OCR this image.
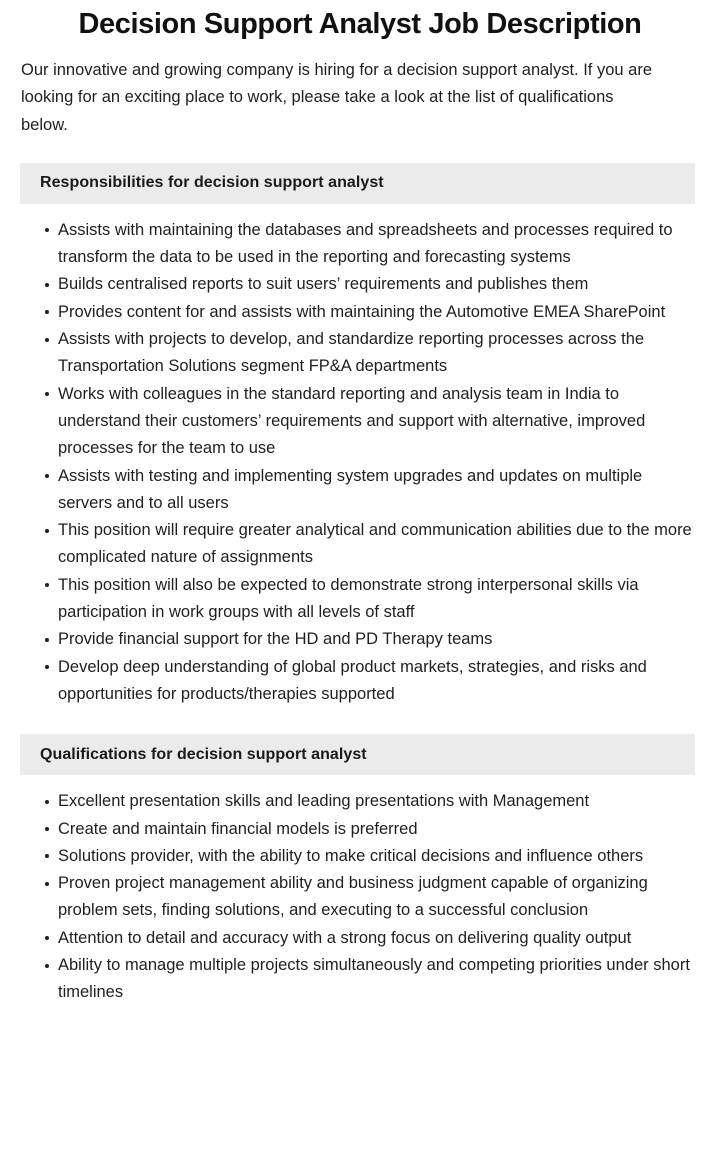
Decision Support Analyst Job Description

Our innovative and growing company is hiring for a decision support analyst. If you are looking for an exciting place to work, please take a look at the list of qualifications below.

Responsibilities for decision support analyst
Assists with maintaining the databases and spreadsheets and processes required to transform the data to be used in the reporting and forecasting systems
Builds centralised reports to suit users’ requirements and publishes them
Provides content for and assists with maintaining the Automotive EMEA SharePoint
Assists with projects to develop, and standardize reporting processes across the Transportation Solutions segment FP&A departments
Works with colleagues in the standard reporting and analysis team in India to understand their customers’ requirements and support with alternative, improved processes for the team to use
Assists with testing and implementing system upgrades and updates on multiple servers and to all users
This position will require greater analytical and communication abilities due to the more complicated nature of assignments
This position will also be expected to demonstrate strong interpersonal skills via participation in work groups with all levels of staff
Provide financial support for the HD and PD Therapy teams
Develop deep understanding of global product markets, strategies, and risks and opportunities for products/therapies supported
Qualifications for decision support analyst
Excellent presentation skills and leading presentations with Management
Create and maintain financial models is preferred
Solutions provider, with the ability to make critical decisions and influence others
Proven project management ability and business judgment capable of organizing problem sets, finding solutions, and executing to a successful conclusion
Attention to detail and accuracy with a strong focus on delivering quality output
Ability to manage multiple projects simultaneously and competing priorities under short timelines
